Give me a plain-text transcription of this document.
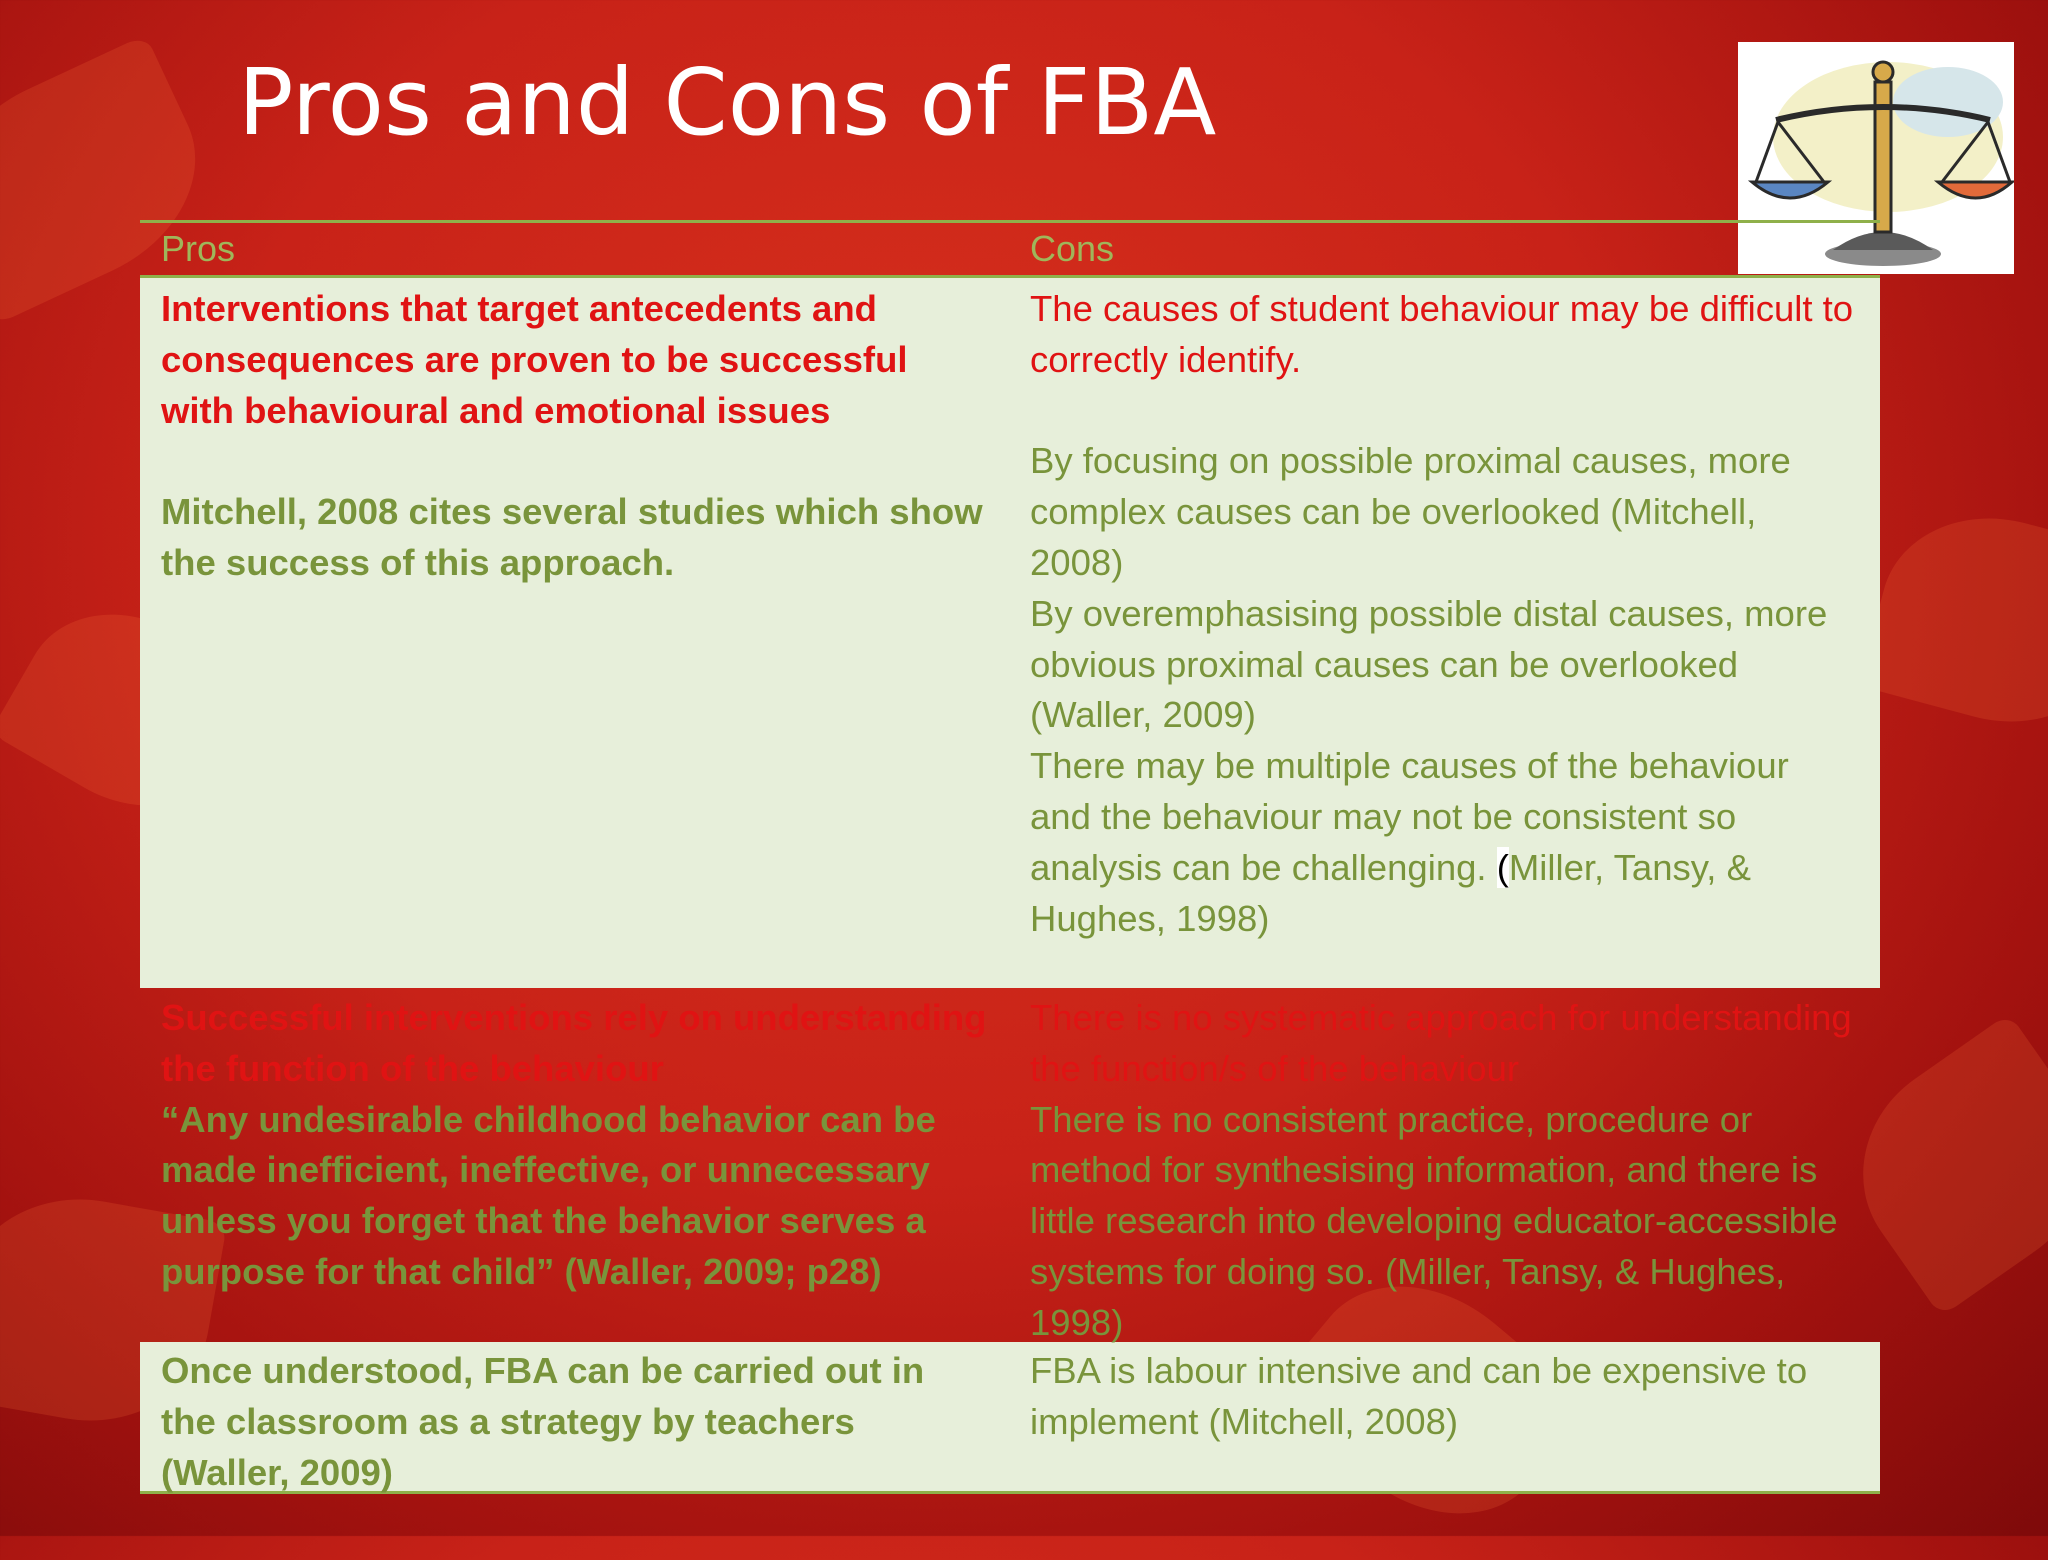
Pros and Cons of FBA
Pros	Cons

Interventions that target antecedents and consequences are proven to be successful with behavioural and emotional issues

Mitchell, 2008 cites several studies which show the success of this approach.

The causes of student behaviour may be difficult to correctly identify.

By focusing on possible proximal causes, more complex causes can be overlooked (Mitchell, 2008)

By overemphasising possible distal causes, more obvious proximal causes can be overlooked (Waller, 2009)

There may be multiple causes of the behaviour and the behaviour may not be consistent so analysis can be challenging. (Miller, Tansy, & Hughes, 1998)

Successful interventions rely on understanding the function of the behaviour

“Any undesirable childhood behavior can be made inefficient, ineffective, or unnecessary unless you forget that the behavior serves a purpose for that child” (Waller, 2009; p28)

There is no systematic approach for understanding the function/s of the behaviour

There is no consistent practice, procedure or method for synthesising information, and there is little research into developing educator-accessible systems for doing so. (Miller, Tansy, & Hughes, 1998)

Once understood, FBA can be carried out in the classroom as a strategy by teachers (Waller, 2009)

FBA is labour intensive and can be expensive to implement (Mitchell, 2008)
